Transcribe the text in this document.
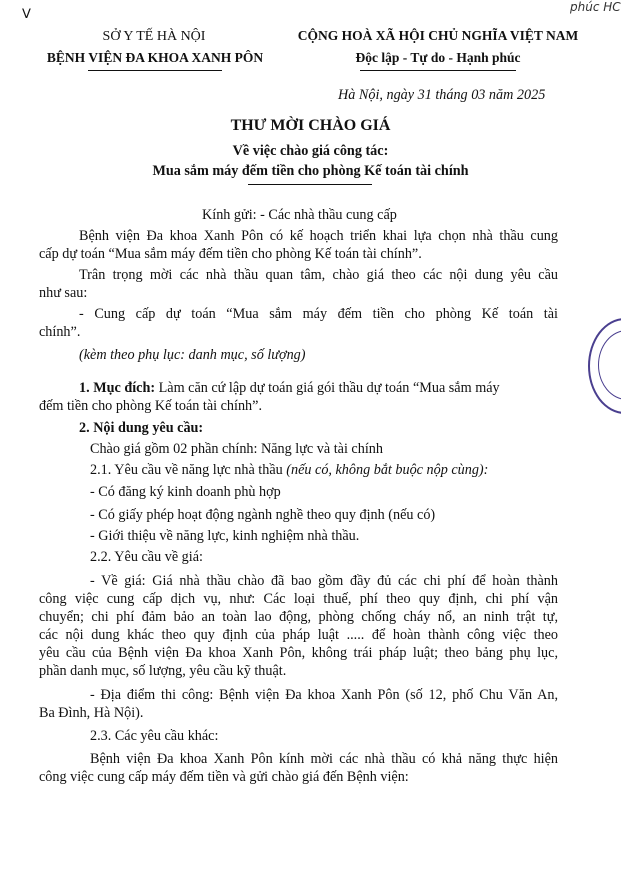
phúc HC
ⴸ
SỞ Y TẾ HÀ NỘI
BỆNH VIỆN ĐA KHOA XANH PÔN
CỘNG HOÀ XÃ HỘI CHỦ NGHĨA VIỆT NAM
Độc lập - Tự do - Hạnh phúc
Hà Nội, ngày 31 tháng 03 năm 2025
THƯ MỜI CHÀO GIÁ
Về việc chào giá công tác:
Mua sắm máy đếm tiền cho phòng Kế toán tài chính
Kính gửi: - Các nhà thầu cung cấp
Bệnh viện Đa khoa Xanh Pôn có kế hoạch triển khai lựa chọn nhà thầu cung
cấp dự toán “Mua sắm máy đếm tiền cho phòng Kế toán tài chính”.
Trân trọng mời các nhà thầu quan tâm, chào giá theo các nội dung yêu cầu
như sau:
- Cung cấp dự toán “Mua sắm máy đếm tiền cho phòng Kế toán tài
chính”.
(kèm theo phụ lục: danh mục, số lượng)
1. Mục đích: Làm căn cứ lập dự toán giá gói thầu dự toán “Mua sắm máy
đếm tiền cho phòng Kế toán tài chính”.
2. Nội dung yêu cầu:
Chào giá gồm 02 phần chính: Năng lực và tài chính
2.1. Yêu cầu về năng lực nhà thầu (nếu có, không bắt buộc nộp cùng):
- Có đăng ký kinh doanh phù hợp
- Có giấy phép hoạt động ngành nghề theo quy định (nếu có)
- Giới thiệu về năng lực, kinh nghiệm nhà thầu.
2.2. Yêu cầu về giá:
- Về giá: Giá nhà thầu chào đã bao gồm đầy đủ các chi phí để hoàn thành
công việc cung cấp dịch vụ, như: Các loại thuế, phí theo quy định, chi phí vận
chuyển; chi phí đảm bảo an toàn lao động, phòng chống cháy nổ, an ninh trật tự,
các nội dung khác theo quy định của pháp luật ..... để hoàn thành công việc theo
yêu cầu của Bệnh viện Đa khoa Xanh Pôn, không trái pháp luật; theo bảng phụ lục,
phần danh mục, số lượng, yêu cầu kỹ thuật.
- Địa điểm thi công: Bệnh viện Đa khoa Xanh Pôn (số 12, phố Chu Văn An,
Ba Đình, Hà Nội).
2.3. Các yêu cầu khác:
Bệnh viện Đa khoa Xanh Pôn kính mời các nhà thầu có khả năng thực hiện
công việc cung cấp máy đếm tiền và gửi chào giá đến Bệnh viện:
